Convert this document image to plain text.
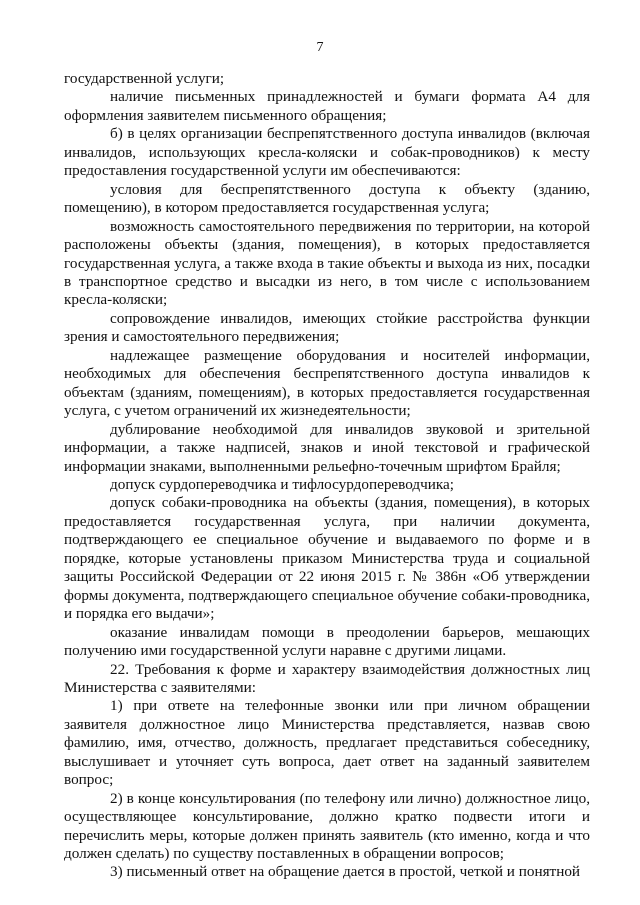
7

государственной услуги;

наличие письменных принадлежностей и бумаги формата А4 для оформления заявителем письменного обращения;

б) в целях организации беспрепятственного доступа инвалидов (включая инвалидов, использующих кресла-коляски и собак-проводников) к месту предоставления государственной услуги им обеспечиваются:

условия для беспрепятственного доступа к объекту (зданию, помещению), в котором предоставляется государственная услуга;

возможность самостоятельного передвижения по территории, на которой расположены объекты (здания, помещения), в которых предоставляется государственная услуга, а также входа в такие объекты и выхода из них, посадки в транспортное средство и высадки из него, в том числе с использованием кресла-коляски;

сопровождение инвалидов, имеющих стойкие расстройства функции зрения и самостоятельного передвижения;

надлежащее размещение оборудования и носителей информации, необходимых для обеспечения беспрепятственного доступа инвалидов к объектам (зданиям, помещениям), в которых предоставляется государственная услуга, с учетом ограничений их жизнедеятельности;

дублирование необходимой для инвалидов звуковой и зрительной информации, а также надписей, знаков и иной текстовой и графической информации знаками, выполненными рельефно-точечным шрифтом Брайля;

допуск сурдопереводчика и тифлосурдопереводчика;

допуск собаки-проводника на объекты (здания, помещения), в которых предоставляется государственная услуга, при наличии документа, подтверждающего ее специальное обучение и выдаваемого по форме и в порядке, которые установлены приказом Министерства труда и социальной защиты Российской Федерации от 22 июня 2015 г. № 386н «Об утверждении формы документа, подтверждающего специальное обучение собаки-проводника, и порядка его выдачи»;

оказание инвалидам помощи в преодолении барьеров, мешающих получению ими государственной услуги наравне с другими лицами.

22. Требования к форме и характеру взаимодействия должностных лиц Министерства с заявителями:

1) при ответе на телефонные звонки или при личном обращении заявителя должностное лицо Министерства представляется, назвав свою фамилию, имя, отчество, должность, предлагает представиться собеседнику, выслушивает и уточняет суть вопроса, дает ответ на заданный заявителем вопрос;

2) в конце консультирования (по телефону или лично) должностное лицо, осуществляющее консультирование, должно кратко подвести итоги и перечислить меры, которые должен принять заявитель (кто именно, когда и что должен сделать) по существу поставленных в обращении вопросов;

3) письменный ответ на обращение дается в простой, четкой и понятной
